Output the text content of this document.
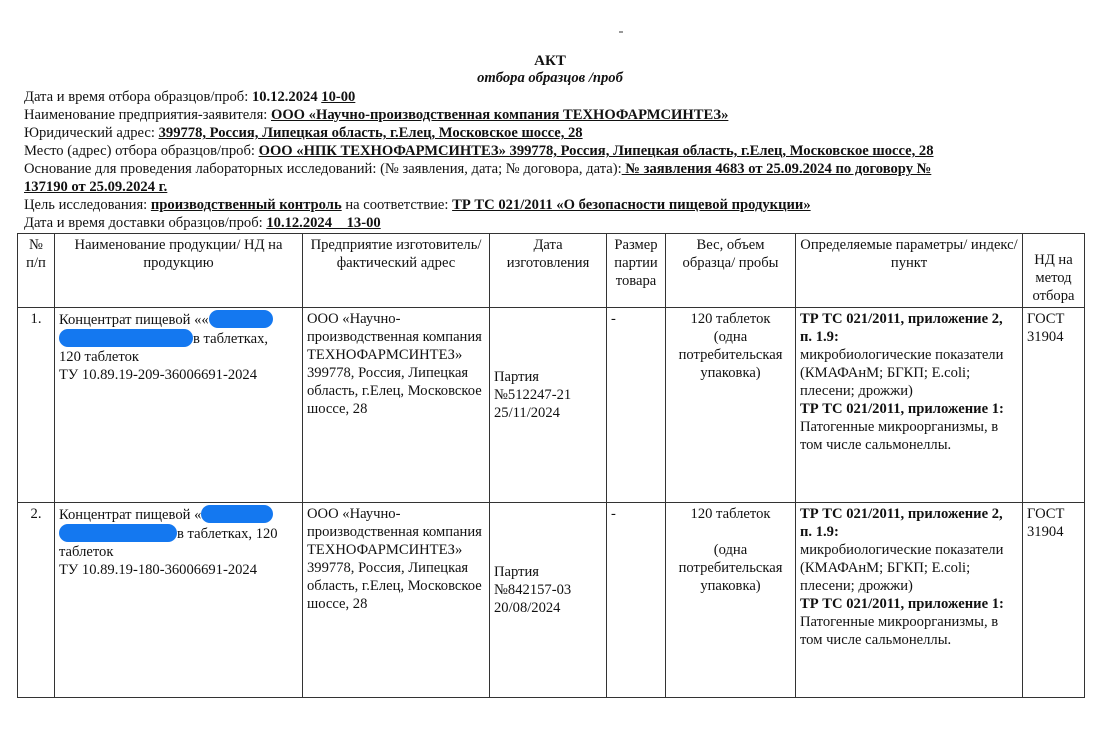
АКТ
отбора образцов /проб
Дата и время отбора образцов/проб: 10.12.2024 10-00
Наименование предприятия-заявителя: ООО «Научно-производственная компания ТЕХНОФАРМСИНТЕЗ»
Юридический адрес: 399778, Россия, Липецкая область, г.Елец, Московское шоссе, 28
Место (адрес) отбора образцов/проб: ООО «НПК ТЕХНОФАРМСИНТЕЗ» 399778, Россия, Липецкая область, г.Елец, Московское шоссе, 28
Основание для проведения лабораторных исследований: (№ заявления, дата; № договора, дата): № заявления 4683 от 25.09.2024 по договору №
137190 от 25.09.2024 г.
Цель исследования: производственный контроль на соответствие: ТР ТС 021/2011 «О безопасности пищевой продукции»
Дата и время доставки образцов/проб: 10.12.2024    13-00
№ п/п	Наименование продукции/ НД на продукцию	Предприятие изготовитель/ фактический адрес	Дата изготовления	Размер партии товара	Вес, объем образца/ пробы	Определяемые параметры/ индекс/пункт	НД на метод отбора
1.	Концентрат пищевой ««
в таблетках,
120 таблеток
ТУ 10.89.19-209-36006691-2024	ООО «Научно-производственная компания ТЕХНОФАРМСИНТЕЗ» 399778, Россия, Липецкая область, г.Елец, Московское шоссе, 28	Партия
№512247-21
25/11/2024	-	120 таблеток
(одна потребительская упаковка)	ТР ТС 021/2011, приложение 2, п. 1.9:
микробиологические показатели (КМАФАнМ; БГКП; E.coli; плесени; дрожжи)
ТР ТС 021/2011, приложение 1:
Патогенные микроорганизмы, в том числе сальмонеллы.	ГОСТ 31904
2.	Концентрат пищевой «
в таблетках, 120
таблеток
ТУ 10.89.19-180-36006691-2024	ООО «Научно-производственная компания ТЕХНОФАРМСИНТЕЗ» 399778, Россия, Липецкая область, г.Елец, Московское шоссе, 28	Партия
№842157-03
20/08/2024	-	120 таблеток

(одна потребительская упаковка)	ТР ТС 021/2011, приложение 2, п. 1.9:
микробиологические показатели (КМАФАнМ; БГКП; E.coli; плесени; дрожжи)
ТР ТС 021/2011, приложение 1:
Патогенные микроорганизмы, в том числе сальмонеллы.	ГОСТ 31904
